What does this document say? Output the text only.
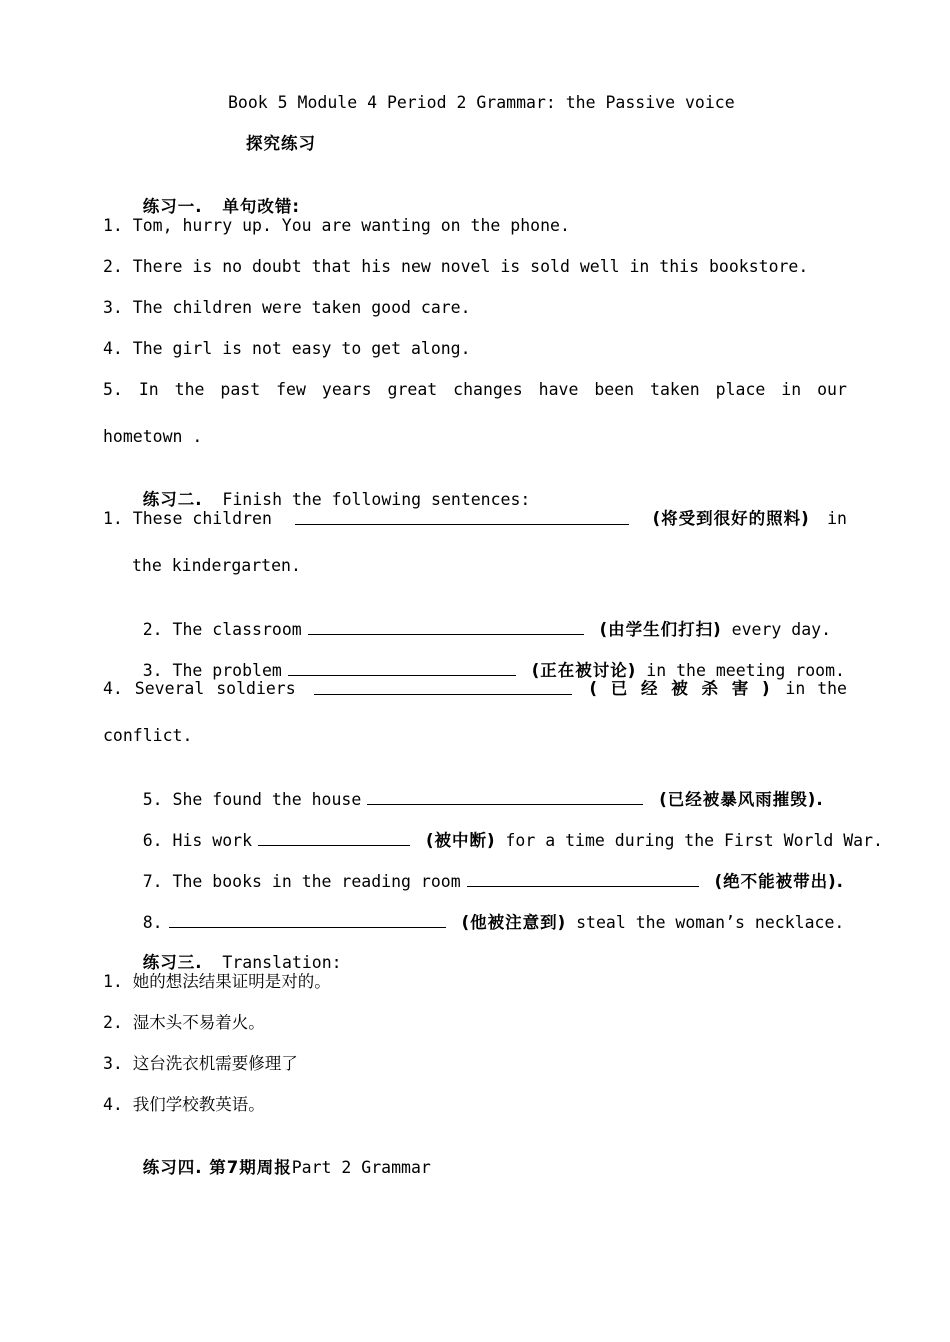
Book 5 Module 4 Period 2 Grammar: the Passive voice
探究练习

练习一. 单句改错:

1. Tom, hurry up. You are wanting on the phone.
2. There is no doubt that his new novel is sold well in this bookstore.
3. The children were taken good care.
4. The girl is not easy to get along.
5. In the past few years great changes have been taken place in our
hometown .

练习二. Finish the following sentences:

1. These children	(将受到很好的照料) in
the kindergarten.

2. The classroom	(由学生们打扫) every day.

3. The problem	(正在被讨论) in the meeting room.

4. Several soldiers	( 已 经 被 杀 害 ) in the
conflict.

5. She found the house	(已经被暴风雨摧毁).

6. His work	(被中断) for a time during the First World War.

7. The books in the reading room	(绝不能被带出).

8.	(他被注意到) steal the woman’s necklace.

练习三. Translation:

1. 她的想法结果证明是对的。
2. 湿木头不易着火。
3. 这台洗衣机需要修理了
4. 我们学校教英语。

练习四. 第7期周报Part 2 Grammar
